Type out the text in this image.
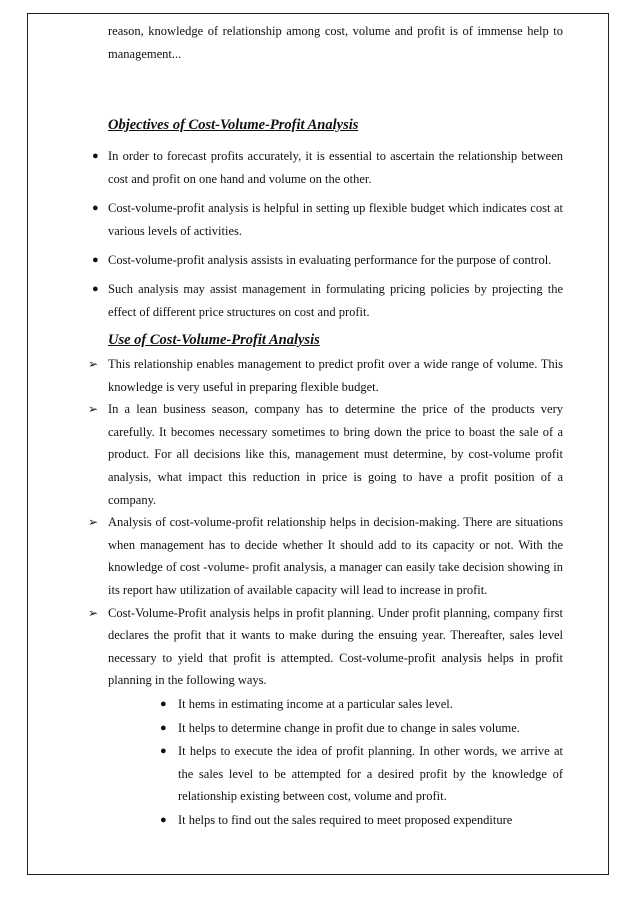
reason, knowledge of relationship among cost, volume and profit is of immense help to management...

Objectives of Cost-Volume-Profit Analysis
● In order to forecast profits accurately, it is essential to ascertain the relationship between cost and profit on one hand and volume on the other.
● Cost-volume-profit analysis is helpful in setting up flexible budget which indicates cost at various levels of activities.
● Cost-volume-profit analysis assists in evaluating performance for the purpose of control.
● Such analysis may assist management in formulating pricing policies by projecting the effect of different price structures on cost and profit.
Use of Cost-Volume-Profit Analysis
➢ This relationship enables management to predict profit over a wide range of volume. This knowledge is very useful in preparing flexible budget.
➢ In a lean business season, company has to determine the price of the products very carefully. It becomes necessary sometimes to bring down the price to boast the sale of a product. For all decisions like this, management must determine, by cost-volume profit analysis, what impact this reduction in price is going to have a profit position of a company.
➢ Analysis of cost-volume-profit relationship helps in decision-making. There are situations when management has to decide whether It should add to its capacity or not. With the knowledge of cost -volume- profit analysis, a manager can easily take decision showing in its report haw utilization of available capacity will lead to increase in profit.
➢ Cost-Volume-Profit analysis helps in profit planning. Under profit planning, company first declares the profit that it wants to make during the ensuing year. Thereafter, sales level necessary to yield that profit is attempted. Cost-volume-profit analysis helps in profit planning in the following ways.
● It hems in estimating income at a particular sales level.
● It helps to determine change in profit due to change in sales volume.
● It helps to execute the idea of profit planning. In other words, we arrive at the sales level to be attempted for a desired profit by the knowledge of relationship existing between cost, volume and profit.
● It helps to find out the sales required to meet proposed expenditure
